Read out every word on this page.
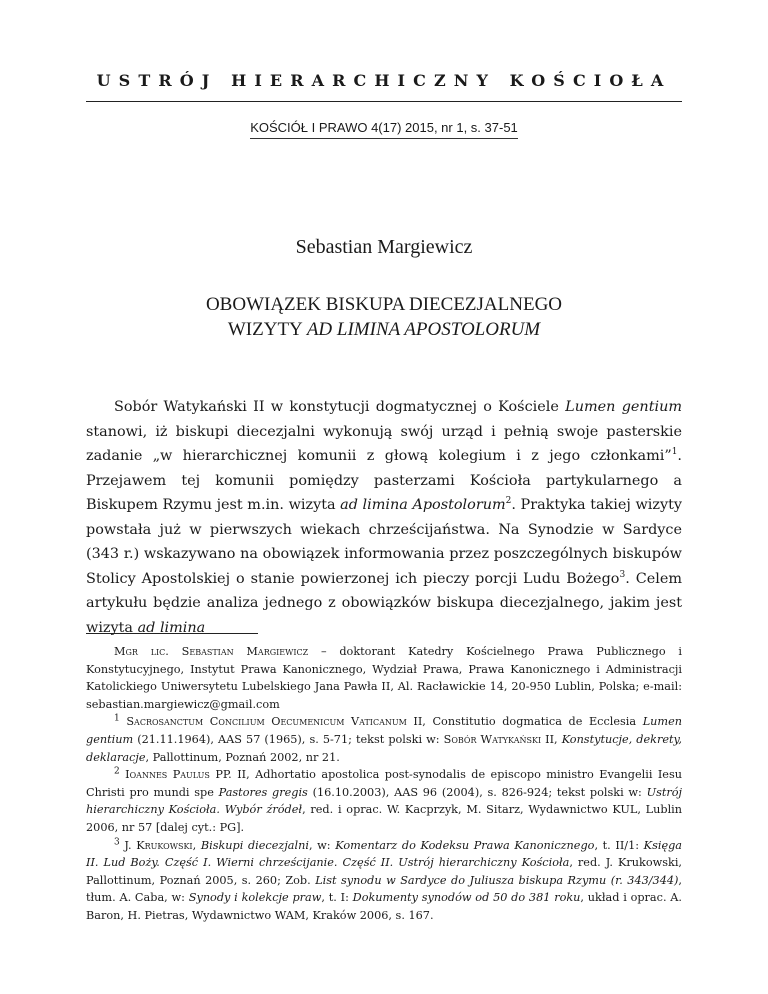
USTRÓJ HIERARCHICZNY KOŚCIOŁA
KOŚCIÓŁ I PRAWO 4(17) 2015, nr 1, s. 37-51
Sebastian Margiewicz
OBOWIĄZEK BISKUPA DIECEZJALNEGO
WIZYTY AD LIMINA APOSTOLORUM

Sobór Watykański II w konstytucji dogmatycznej o Kościele Lumen gentium stanowi, iż biskupi diecezjalni wykonują swój urząd i pełnią swoje pasterskie zadanie „w hierarchicznej komunii z głową kolegium i z jego członkami”$^1$. Przejawem tej komunii pomiędzy pasterzami Kościoła partykularnego a Biskupem Rzymu jest m.in. wizyta ad limina Apostolorum$^2$. Praktyka takiej wizyty powstała już w pierwszych wiekach chrześcijaństwa. Na Synodzie w Sardyce (343 r.) wskazywano na obowiązek informowania przez poszczególnych biskupów Stolicy Apostolskiej o stanie powierzonej ich pieczy porcji Ludu Bożego$^3$. Celem artykułu będzie analiza jednego z obowiązków biskupa diecezjalnego, jakim jest wizyta ad limina

Mgr lic. Sebastian Margiewicz – doktorant Katedry Kościelnego Prawa Publicznego i Konstytucyjnego, Instytut Prawa Kanonicznego, Wydział Prawa, Prawa Kanonicznego i Administracji Katolickiego Uniwersytetu Lubelskiego Jana Pawła II, Al. Racławickie 14, 20-950 Lublin, Polska; e-mail: sebastian.margiewicz@gmail.com

$^1$ Sacrosanctum Concilium Oecumenicum Vaticanum II, Constitutio dogmatica de Ecclesia Lumen gentium (21.11.1964), AAS 57 (1965), s. 5-71; tekst polski w: Sobór Watykański II, Konstytucje, dekrety, deklaracje, Pallottinum, Poznań 2002, nr 21.

$^2$ Ioannes Paulus PP. II, Adhortatio apostolica post-synodalis de episcopo ministro Evangelii Iesu Christi pro mundi spe Pastores gregis (16.10.2003), AAS 96 (2004), s. 826-924; tekst polski w: Ustrój hierarchiczny Kościoła. Wybór źródeł, red. i oprac. W. Kacprzyk, M. Sitarz, Wydawnictwo KUL, Lublin 2006, nr 57 [dalej cyt.: PG].

$^3$ J. Krukowski, Biskupi diecezjalni, w: Komentarz do Kodeksu Prawa Kanonicznego, t. II/1: Księga II. Lud Boży. Część I. Wierni chrześcijanie. Część II. Ustrój hierarchiczny Kościoła, red. J. Krukowski, Pallottinum, Poznań 2005, s. 260; Zob. List synodu w Sardyce do Juliusza biskupa Rzymu (r. 343/344), tłum. A. Caba, w: Synody i kolekcje praw, t. I: Dokumenty synodów od 50 do 381 roku, układ i oprac. A. Baron, H. Pietras, Wydawnictwo WAM, Kraków 2006, s. 167.
